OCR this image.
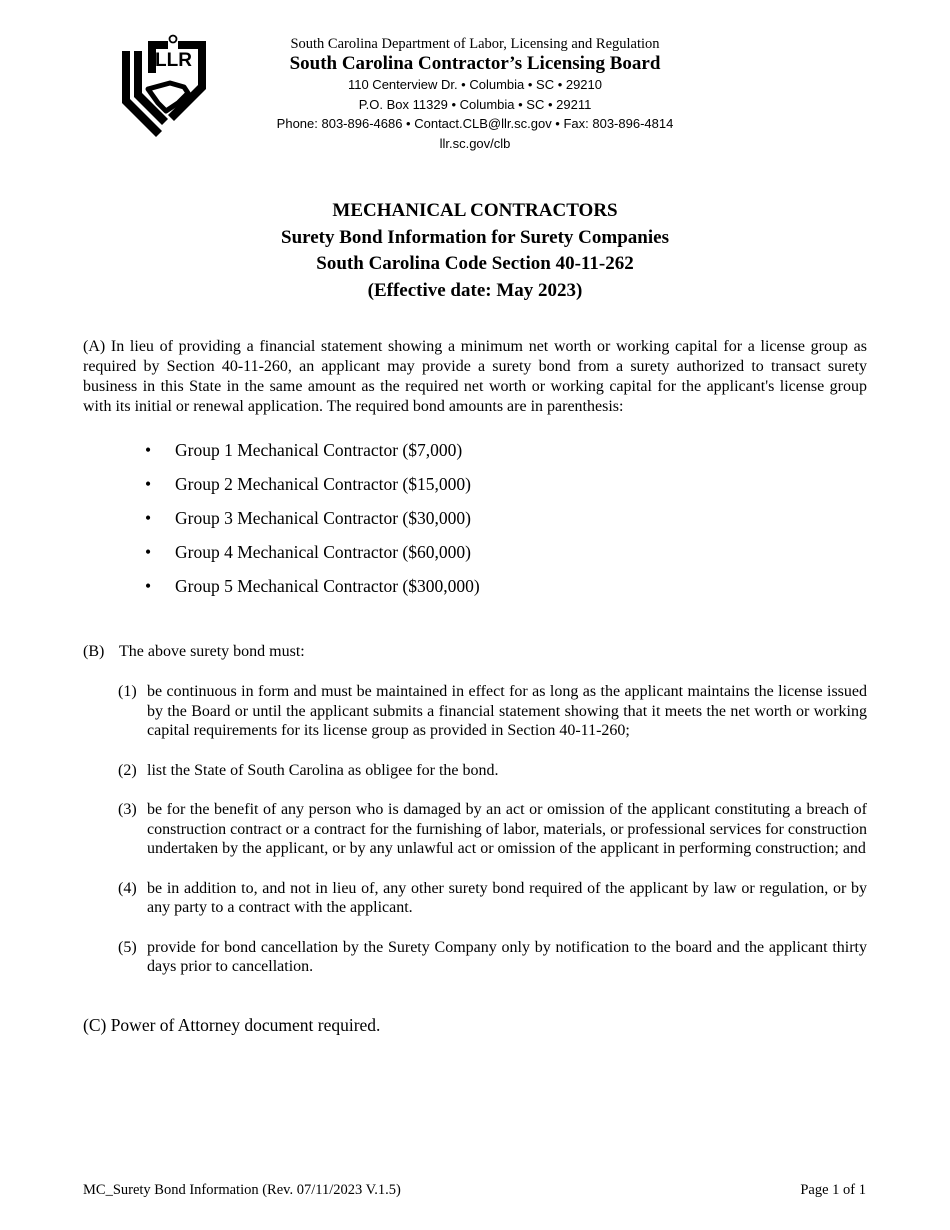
LLR
South Carolina Department of Labor, Licensing and Regulation
South Carolina Contractor’s Licensing Board
110 Centerview Dr. • Columbia • SC • 29210
P.O. Box 11329 • Columbia • SC • 29211
Phone: 803-896-4686 • Contact.CLB@llr.sc.gov • Fax: 803-896-4814
llr.sc.gov/clb
MECHANICAL CONTRACTORS
Surety Bond Information for Surety Companies
South Carolina Code Section 40-11-262
(Effective date: May 2023)
(A) In lieu of providing a financial statement showing a minimum net worth or working capital for a license group as required by Section 40-11-260, an applicant may provide a surety bond from a surety authorized to transact surety business in this State in the same amount as the required net worth or working capital for the applicant's license group with its initial or renewal application. The required bond amounts are in parenthesis:
• Group 1 Mechanical Contractor ($7,000)
• Group 2 Mechanical Contractor ($15,000)
• Group 3 Mechanical Contractor ($30,000)
• Group 4 Mechanical Contractor ($60,000)
• Group 5 Mechanical Contractor ($300,000)
(B) The above surety bond must:
(1) be continuous in form and must be maintained in effect for as long as the applicant maintains the license issued by the Board or until the applicant submits a financial statement showing that it meets the net worth or working capital requirements for its license group as provided in Section 40-11-260;
(2) list the State of South Carolina as obligee for the bond.
(3) be for the benefit of any person who is damaged by an act or omission of the applicant constituting a breach of construction contract or a contract for the furnishing of labor, materials, or professional services for construction undertaken by the applicant, or by any unlawful act or omission of the applicant in performing construction; and
(4) be in addition to, and not in lieu of, any other surety bond required of the applicant by law or regulation, or by any party to a contract with the applicant.
(5) provide for bond cancellation by the Surety Company only by notification to the board and the applicant thirty days prior to cancellation.
(C) Power of Attorney document required.
MC_Surety Bond Information (Rev. 07/11/2023 V.1.5)	Page 1 of 1
